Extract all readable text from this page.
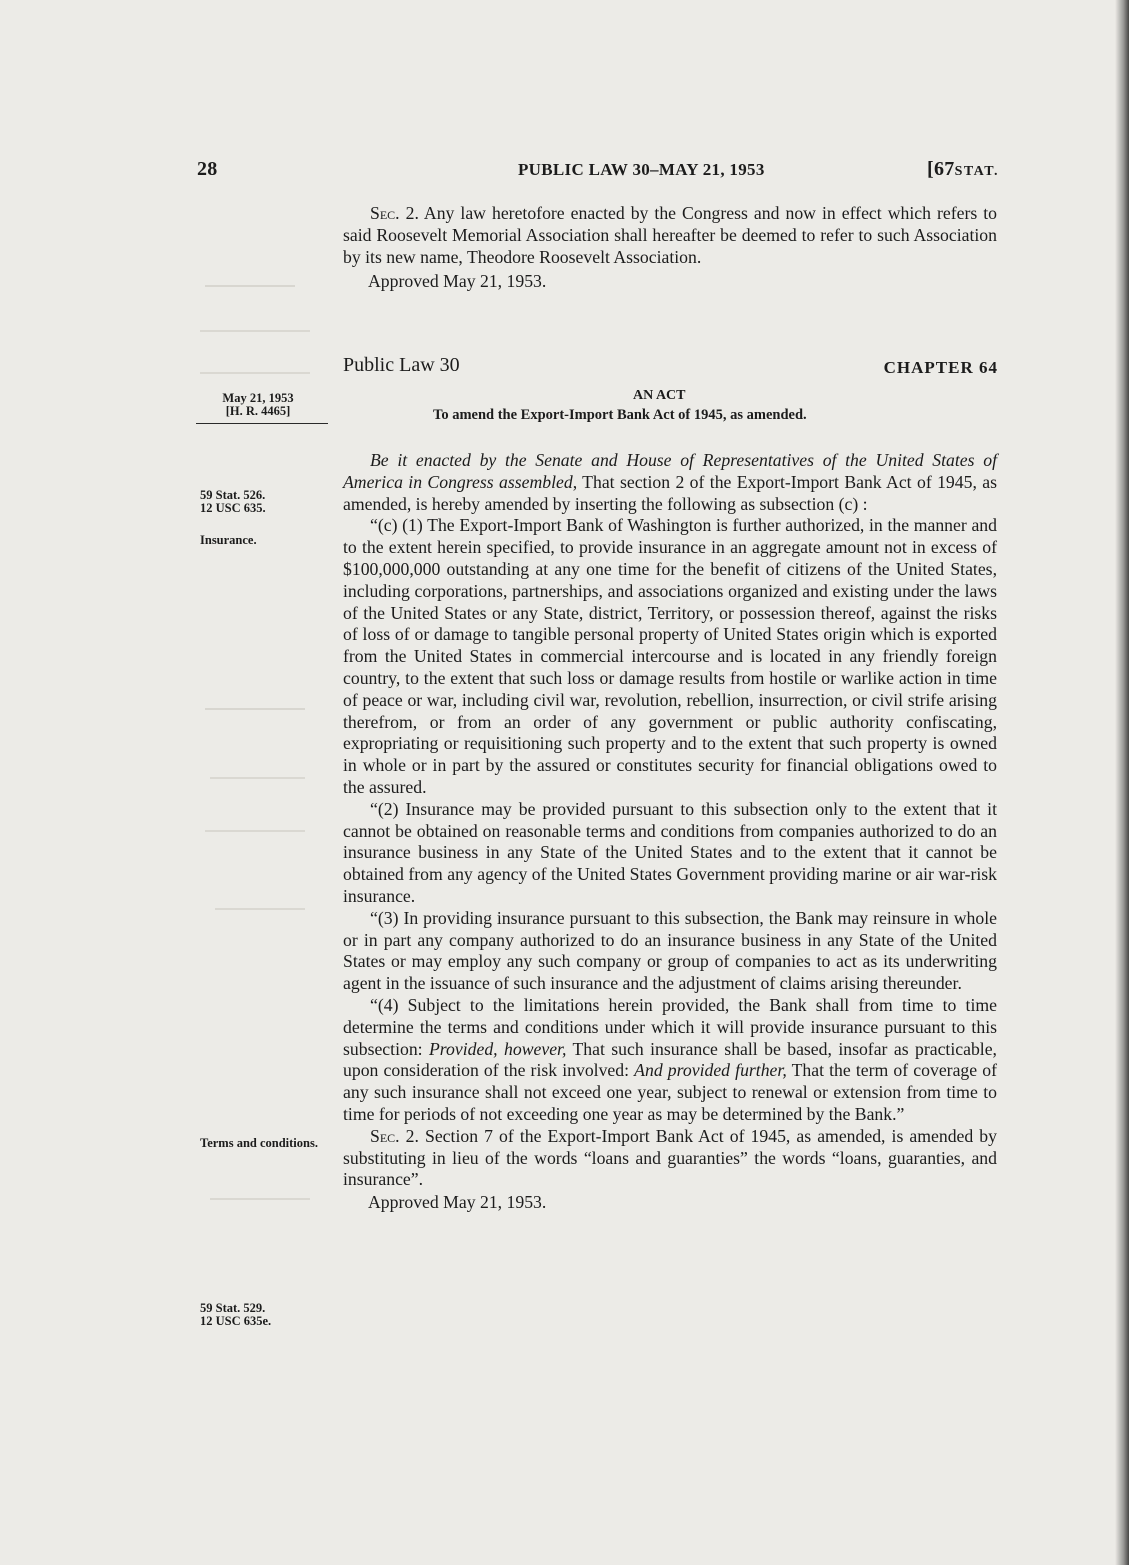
28	PUBLIC LAW 30–MAY 21, 1953	[67STAT.

Sec. 2. Any law heretofore enacted by the Congress and now in effect which refers to said Roosevelt Memorial Association shall hereafter be deemed to refer to such Association by its new name, Theodore Roosevelt Association.

Approved May 21, 1953.

Public Law 30	CHAPTER 64
AN ACT
To amend the Export-Import Bank Act of 1945, as amended.
May 21, 1953
[H. R. 4465]
59 Stat. 526.
12 USC 635.
Insurance.
Terms and conditions.
59 Stat. 529.
12 USC 635e.

Be it enacted by the Senate and House of Representatives of the United States of America in Congress assembled, That section 2 of the Export-Import Bank Act of 1945, as amended, is hereby amended by inserting the following as subsection (c) :

“(c) (1) The Export-Import Bank of Washington is further authorized, in the manner and to the extent herein specified, to provide insurance in an aggregate amount not in excess of $100,000,000 outstanding at any one time for the benefit of citizens of the United States, including corporations, partnerships, and associations organized and existing under the laws of the United States or any State, district, Territory, or possession thereof, against the risks of loss of or damage to tangible personal property of United States origin which is exported from the United States in commercial intercourse and is located in any friendly foreign country, to the extent that such loss or damage results from hostile or warlike action in time of peace or war, including civil war, revolution, rebellion, insurrection, or civil strife arising therefrom, or from an order of any government or public authority confiscating, expropriating or requisitioning such property and to the extent that such property is owned in whole or in part by the assured or constitutes security for financial obligations owed to the assured.

“(2) Insurance may be provided pursuant to this subsection only to the extent that it cannot be obtained on reasonable terms and conditions from companies authorized to do an insurance business in any State of the United States and to the extent that it cannot be obtained from any agency of the United States Government providing marine or air war-risk insurance.

“(3) In providing insurance pursuant to this subsection, the Bank may reinsure in whole or in part any company authorized to do an insurance business in any State of the United States or may employ any such company or group of companies to act as its underwriting agent in the issuance of such insurance and the adjustment of claims arising thereunder.

“(4) Subject to the limitations herein provided, the Bank shall from time to time determine the terms and conditions under which it will provide insurance pursuant to this subsection: Provided, however, That such insurance shall be based, insofar as practicable, upon consideration of the risk involved: And provided further, That the term of coverage of any such insurance shall not exceed one year, subject to renewal or extension from time to time for periods of not exceeding one year as may be determined by the Bank.”

Sec. 2. Section 7 of the Export-Import Bank Act of 1945, as amended, is amended by substituting in lieu of the words “loans and guaranties” the words “loans, guaranties, and insurance”.

Approved May 21, 1953.
